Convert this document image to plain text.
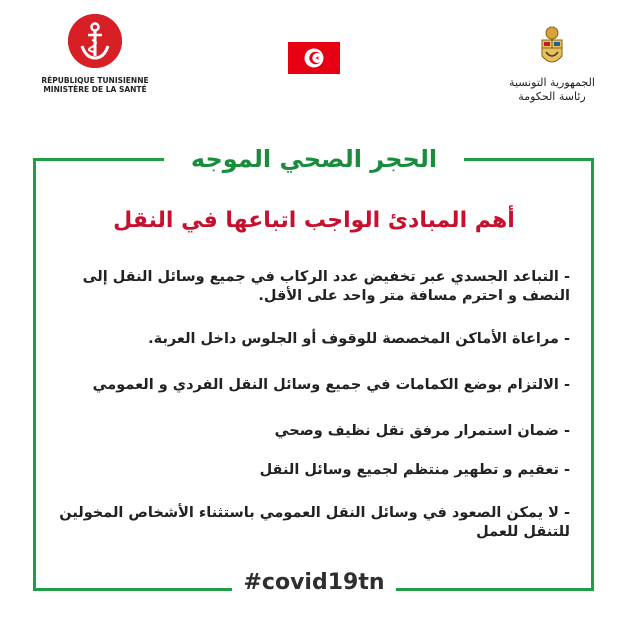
RÉPUBLIQUE TUNISIENNE
MINISTÈRE DE LA SANTÉ
الجمهورية التونسية
رئاسة الحكومة
الحجر الصحي الموجه
أهم المبادئ الواجب اتباعها في النقل
- التباعد الجسدي عبر تخفيض عدد الركاب في جميع وسائل النقل إلى النصف و احترم مسافة متر واحد على الأقل.
- مراعاة الأماكن المخصصة للوقوف أو الجلوس داخل العربة.
- الالتزام بوضع الكمامات في جميع وسائل النقل الفردي و العمومي
- ضمان استمرار مرفق نقل نظيف وصحي
- تعقيم و تطهير منتظم لجميع وسائل النقل
- لا يمكن الصعود في وسائل النقل العمومي باستثناء الأشخاص المخولين للتنقل للعمل
#covid19tn
